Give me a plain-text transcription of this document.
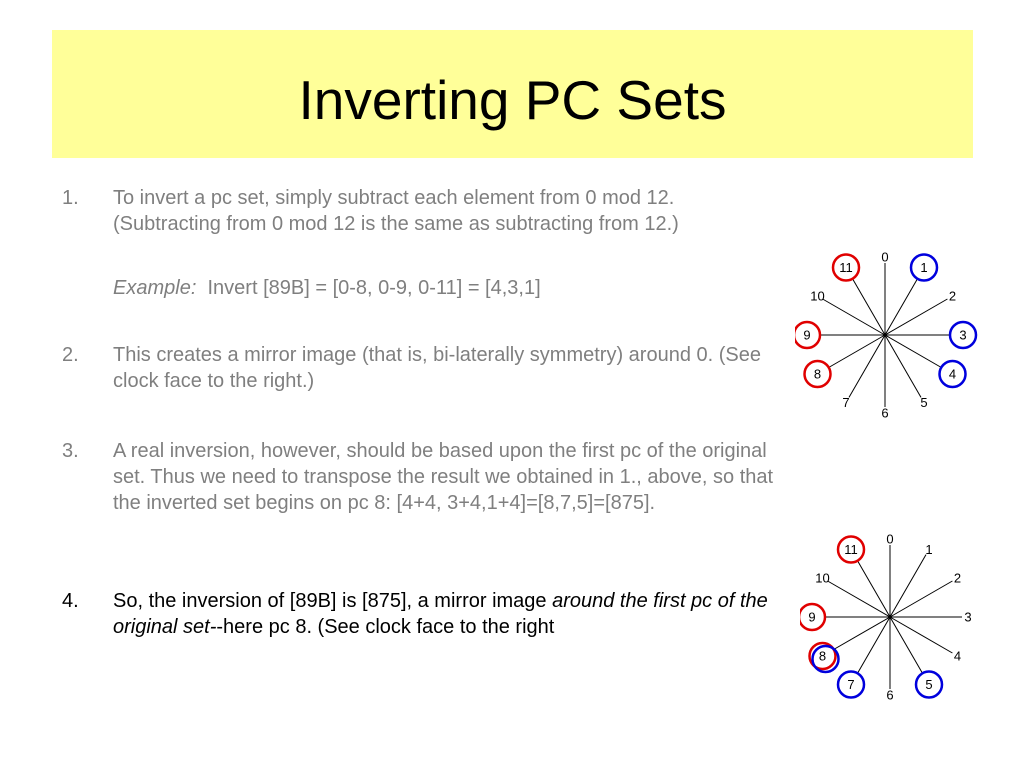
Inverting PC Sets
1.	To invert a pc set, simply subtract each element from 0 mod 12. (Subtracting from 0 mod 12 is the same as subtracting from 12.)
Example: Invert [89B] = [0-8, 0-9, 0-11] = [4,3,1]
2.	This creates a mirror image (that is, bi-laterally symmetry) around 0. (See clock face to the right.)
3.	A real inversion, however, should be based upon the first pc of the original set. Thus we need to transpose the result we obtained in 1., above, so that the inverted set begins on pc 8: [4+4, 3+4,1+4]=[8,7,5]=[875].
4.	So, the inversion of [89B] is [875], a mirror image around the first pc of the original set--here pc 8. (See clock face to the right
0
1
2
3
4
5
6
7
8
9
10
11
0
1
2
3
4
5
6
7
8
9
10
11
